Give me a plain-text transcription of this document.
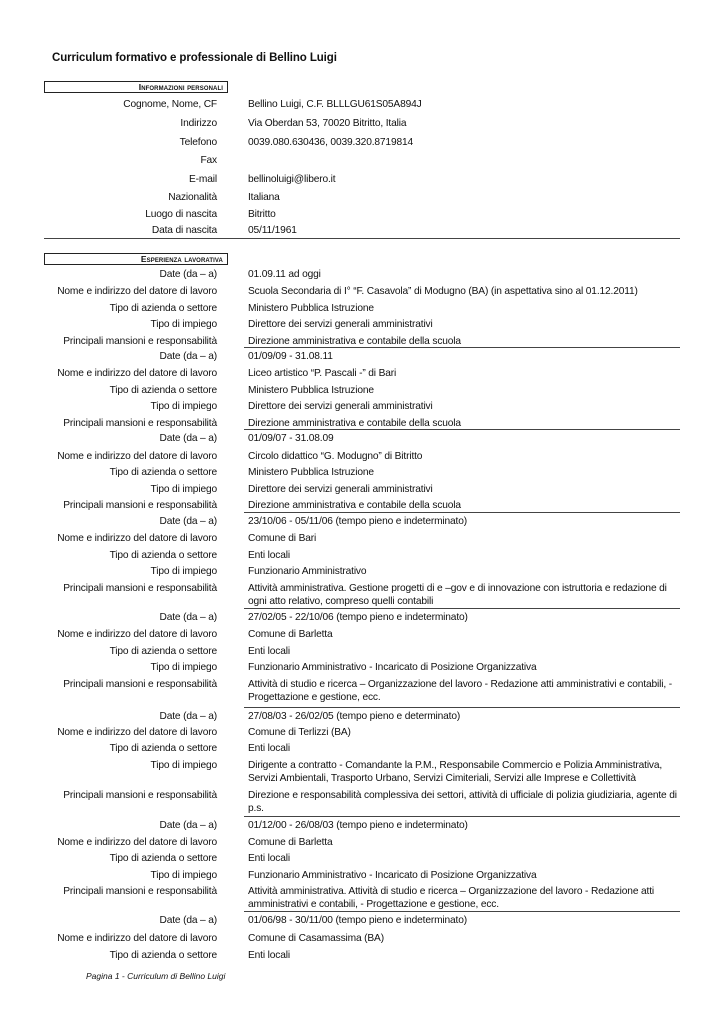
Curriculum formativo e professionale di Bellino Luigi
Informazioni personali
Cognome, Nome, CF	Bellino Luigi, C.F. BLLLGU61S05A894J
Indirizzo	Via Oberdan 53, 70020 Bitritto, Italia
Telefono	0039.080.630436, 0039.320.8719814
Fax
E-mail	bellinoluigi@libero.it
Nazionalità	Italiana
Luogo di nascita	Bitritto
Data di nascita	05/11/1961
Esperienza lavorativa
Date (da – a)	01.09.11 ad oggi
Nome e indirizzo del datore di lavoro	Scuola Secondaria di I° “F. Casavola” di Modugno (BA) (in aspettativa sino al 01.12.2011)
Tipo di azienda o settore	Ministero Pubblica Istruzione
Tipo di impiego	Direttore dei servizi generali amministrativi
Principali mansioni e responsabilità	Direzione amministrativa e contabile della scuola
Date (da – a)	01/09/09 - 31.08.11
Nome e indirizzo del datore di lavoro	Liceo artistico “P. Pascali -” di Bari
Tipo di azienda o settore	Ministero Pubblica Istruzione
Tipo di impiego	Direttore dei servizi generali amministrativi
Principali mansioni e responsabilità	Direzione amministrativa e contabile della scuola
Date (da – a)	01/09/07 - 31.08.09
Nome e indirizzo del datore di lavoro	Circolo didattico “G. Modugno” di Bitritto
Tipo di azienda o settore	Ministero Pubblica Istruzione
Tipo di impiego	Direttore dei servizi generali amministrativi
Principali mansioni e responsabilità	Direzione amministrativa e contabile della scuola
Date (da – a)	23/10/06 - 05/11/06 (tempo pieno e indeterminato)
Nome e indirizzo del datore di lavoro	Comune di Bari
Tipo di azienda o settore	Enti locali
Tipo di impiego	Funzionario Amministrativo
Principali mansioni e responsabilità	Attività amministrativa. Gestione progetti di e –gov e di innovazione con istruttoria e redazione di ogni atto relativo, compreso quelli contabili
Date (da – a)	27/02/05 - 22/10/06 (tempo pieno e indeterminato)
Nome e indirizzo del datore di lavoro	Comune di Barletta
Tipo di azienda o settore	Enti locali
Tipo di impiego	Funzionario Amministrativo - Incaricato di Posizione Organizzativa
Principali mansioni e responsabilità	Attività di studio e ricerca – Organizzazione del lavoro - Redazione atti amministrativi e contabili, - Progettazione e gestione, ecc.
Date (da – a)	27/08/03 - 26/02/05 (tempo pieno e determinato)
Nome e indirizzo del datore di lavoro	Comune di Terlizzi (BA)
Tipo di azienda o settore	Enti locali
Tipo di impiego	Dirigente a contratto - Comandante la P.M., Responsabile Commercio e Polizia Amministrativa, Servizi Ambientali, Trasporto Urbano, Servizi Cimiteriali, Servizi alle Imprese e Collettività
Principali mansioni e responsabilità	Direzione e responsabilità complessiva dei settori, attività di ufficiale di polizia giudiziaria, agente di p.s.
Date (da – a)	01/12/00 - 26/08/03 (tempo pieno e indeterminato)
Nome e indirizzo del datore di lavoro	Comune di Barletta
Tipo di azienda o settore	Enti locali
Tipo di impiego	Funzionario Amministrativo - Incaricato di Posizione Organizzativa
Principali mansioni e responsabilità	Attività amministrativa. Attività di studio e ricerca – Organizzazione del lavoro - Redazione atti amministrativi e contabili, - Progettazione e gestione, ecc.
Date (da – a)	01/06/98 - 30/11/00 (tempo pieno e indeterminato)
Nome e indirizzo del datore di lavoro	Comune di Casamassima (BA)
Tipo di azienda o settore	Enti locali
Pagina 1 - Curriculum di Bellino Luigi
